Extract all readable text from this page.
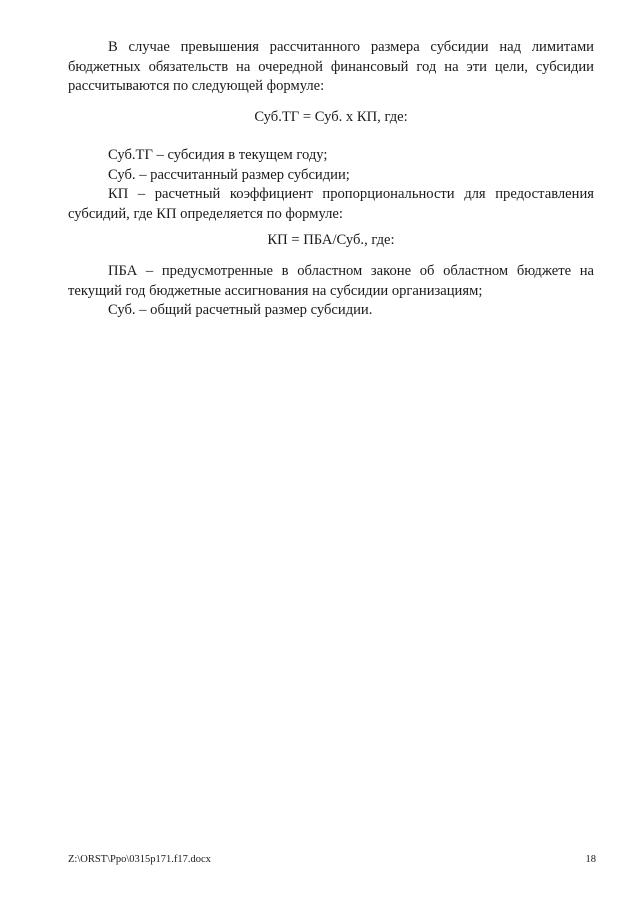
В случае превышения рассчитанного размера субсидии над лимитами бюджетных обязательств на очередной финансовый год на эти цели, субсидии рассчитываются по следующей формуле:

Суб.ТГ = Суб. х КП, где:

Суб.ТГ – субсидия в текущем году;

Суб. – рассчитанный размер субсидии;

КП – расчетный коэффициент пропорциональности для предоставления субсидий, где КП определяется по формуле:

КП = ПБА/Суб., где:

ПБА – предусмотренные в областном законе об областном бюджете на текущий год бюджетные ассигнования на субсидии организациям;

Суб. – общий расчетный размер субсидии.

Z:\ORST\Ppo\0315p171.f17.docx	18
